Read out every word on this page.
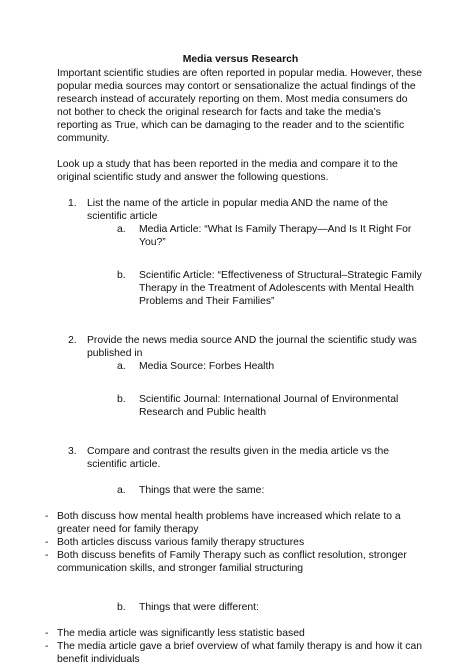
Media versus Research

Important scientific studies are often reported in popular media. However, these popular media sources may contort or sensationalize the actual findings of the research instead of accurately reporting on them. Most media consumers do not bother to check the original research for facts and take the media’s reporting as True, which can be damaging to the reader and to the scientific community.

Look up a study that has been reported in the media and compare it to the original scientific study and answer the following questions.

1. List the name of the article in popular media AND the name of the scientific article

a. Media Article: “What Is Family Therapy—And Is It Right For You?”

b. Scientific Article: “Effectiveness of Structural–Strategic Family Therapy in the Treatment of Adolescents with Mental Health Problems and Their Families”

2. Provide the news media source AND the journal the scientific study was published in

a. Media Source: Forbes Health

b. Scientific Journal: International Journal of Environmental Research and Public health

3. Compare and contrast the results given in the media article vs the scientific article.

a. Things that were the same:

- Both discuss how mental health problems have increased which relate to a greater need for family therapy

- Both articles discuss various family therapy structures

- Both discuss benefits of Family Therapy such as conflict resolution, stronger communication skills, and stronger familial structuring

b. Things that were different:

- The media article was significantly less statistic based

- The media article gave a brief overview of what family therapy is and how it can benefit individuals
